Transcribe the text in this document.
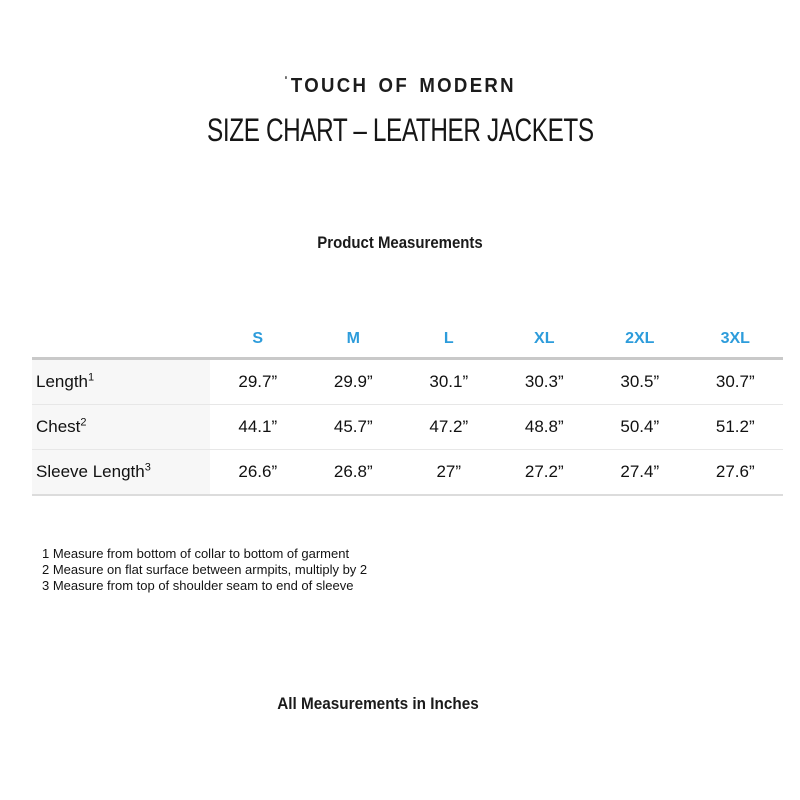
$^ʹ$TOUCH OF MODERN
SIZE CHART – LEATHER JACKETS
Product Measurements
	S	M	L	XL	2XL	3XL
Length$^1$	29.7”	29.9”	30.1”	30.3”	30.5”	30.7”
Chest$^2$	44.1”	45.7”	47.2”	48.8”	50.4”	51.2”
Sleeve Length$^3$	26.6”	26.8”	27”	27.2”	27.4”	27.6”
1 Measure from bottom of collar to bottom of garment
2 Measure on flat surface between armpits, multiply by 2
3 Measure from top of shoulder seam to end of sleeve
All Measurements in Inches
